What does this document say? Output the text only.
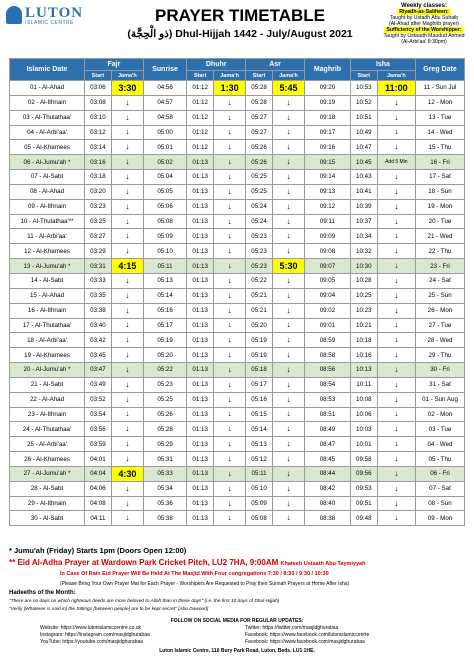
LUTON
ISLAMIC CENTRE	PRAYER TIMETABLE
(ذو الْحِجَّة) Dhul-Hijjah 1442 - July/August 2021
Weekly classes:
Riyadh-as-Saliheen:
Taught by Ustadh Abu Suhaib
(Al-Ahad after Maghrib prayer)
Sufficiency of the Worshipper:
Taught by Ustaadh Maudud Ahmed
(Al-Arbi'aa' 8:30pm)
Islamic Date	Fajr		Sunrise	Dhuhr		Asr		Maghrib	Isha		Greg Date
	Start	Jama'h		Start	Jama'h	Start	Jama'h		Start	Jama'h	
01 - Al-Ahad	03:06	3:30	04:56	01:12	1:30	05:28	5:45	09:20	10:53	11:00	11 - Sun Jul
02 - Al-Ithnain	03:08	↓	04:57	01:12	↓	05:28	↓	09:19	10:52	↓	12 - Mon
03 - Al-Thulathaa'	03:10	↓	04:58	01:12	↓	05:27	↓	09:18	10:51	↓	13 - Tue
04 - Al-Arbi'aa'	03:12	↓	05:00	01:12	↓	05:27	↓	09:17	10:49	↓	14 - Wed
05 - Al-Khamees	03:14	↓	05:01	01:12	↓	05:26	↓	09:16	10:47	↓	15 - Thu
06 - Al-Jumu'ah *	03:16	↓	05:02	01:13	↓	05:26	↓	09:15	10:45	Add 5 Min	16 - Fri
07 - Al-Sabt	03:18	↓	05:04	01:13	↓	05:25	↓	09:14	10:43	↓	17 - Sat
08 - Al-Ahad	03:20	↓	05:05	01:13	↓	05:25	↓	09:13	10:41	↓	18 - Sun
09 - Al-Ithnain	03:23	↓	05:06	01:13	↓	05:24	↓	09:12	10:39	↓	19 - Mon
10 - Al-Thulathaa'**	03:25	↓	05:08	01:13	↓	05:24	↓	09:11	10:37	↓	20 - Tue
11 - Al-Arbi'aa'	03:27	↓	05:09	01:13	↓	05:23	↓	09:09	10:34	↓	21 - Wed
12 - Al-Khamees	03:29	↓	05:10	01:13	↓	05:23	↓	09:08	10:32	↓	22 - Thu
13 - Al-Jumu'ah *	03:31	4:15	05:11	01:13	↓	05:23	5:30	09:07	10:30	↓	23 - Fri
14 - Al-Sabt	03:33	↓	05:13	01:13	↓	05:22	↓	09:05	10:28	↓	24 - Sat
15 - Al-Ahad	03:35	↓	05:14	01:13	↓	05:21	↓	09:04	10:25	↓	25 - Sun
16 - Al-Ithnain	03:38	↓	05:16	01:13	↓	05:21	↓	09:02	10:23	↓	26 - Mon
17 - Al-Thulathaa'	03:40	↓	05:17	01:13	↓	05:20	↓	09:01	10:21	↓	27 - Tue
18 - Al-Arbi'aa'	03:42	↓	05:19	01:13	↓	05:19	↓	08:59	10:18	↓	28 - Wed
19 - Al-Khamees	03:45	↓	05:20	01:13	↓	05:19	↓	08:58	10:16	↓	29 - Thu
20 - Al-Jumu'ah *	03:47	↓	05:22	01:13	↓	05:18	↓	08:56	10:13	↓	30 - Fri
21 - Al-Sabt	03:49	↓	05:23	01:13	↓	05:17	↓	08:54	10:11	↓	31 - Sat
22 - Al-Ahad	03:52	↓	05:25	01:13	↓	05:16	↓	08:53	10:08	↓	01 - Sun Aug
23 - Al-Ithnain	03:54	↓	05:26	01:13	↓	05:15	↓	08:51	10:06	↓	02 - Mon
24 - Al-Thulathaa'	03:56	↓	05:28	01:13	↓	05:14	↓	08:49	10:03	↓	03 - Tue
25 - Al-Arbi'aa'	03:59	↓	05:29	01:13	↓	05:13	↓	08:47	10:01	↓	04 - Wed
26 - Al-Khamees	04:01	↓	05:31	01:13	↓	05:12	↓	08:45	09:58	↓	05 - Thu
27 - Al-Jumu'ah *	04:04	4:30	05:33	01:13	↓	05:11	↓	08:44	09:56	↓	06 - Fri
28 - Al-Sabt	04:06	↓	05:34	01:13	↓	05:10	↓	08:42	09:53	↓	07 - Sat
29 - Al-Ithnain	04:08	↓	05:36	01:13	↓	05:09	↓	08:40	09:51	↓	08 - Sun
30 - Al-Sabt	04:11	↓	05:38	01:13	↓	05:08	↓	08:38	09:48	↓	09 - Mon
* Jumu'ah (Friday) Starts 1pm (Doors Open 12:00)
** Eid Al-Adha Prayer at Wardown Park Cricket Pitch, LU2 7HA, 9:00AM Khateeb Ustaath Abu Taymiyyah
In Case Of Rain Eid Prayer Will Be Held At The Masjid With Four congregations 7:30 / 8:30 / 9:30 / 10:30
(Please Bring Your Own Prayer Mat for Each Prayer - Worshipers Are Requested to Pray their Sunnah Prayers at Home After Isha)
Hadeeths of the Month:
"There are no days on which righteous deeds are more beloved to Allah than in these days" (i.e. the first 10 days of Dhul-Hijjah)
"Verily [Whatever is said in] the Sittings [between people] are to be kept secret" [Abu Dawood]
FOLLOW ON SOCIAL MEDIA FOR REGULAR UPDATES:
Website: https://www.lutonislamiccentre.co.uk	Twitter: https://twitter.com/masjidghurabaa
Instagram: https://instagram.com/masjidghurabaa	Facebook: https://www.facebook.com/lutonislamiccentre
YouTube: https://youtube.com/masjidghurabaa	Facebook: https://www.facebook.com/masjidghurabaa
Luton Islamic Centre, 116 Bury Park Road, Luton, Beds. LU1 1HE.
